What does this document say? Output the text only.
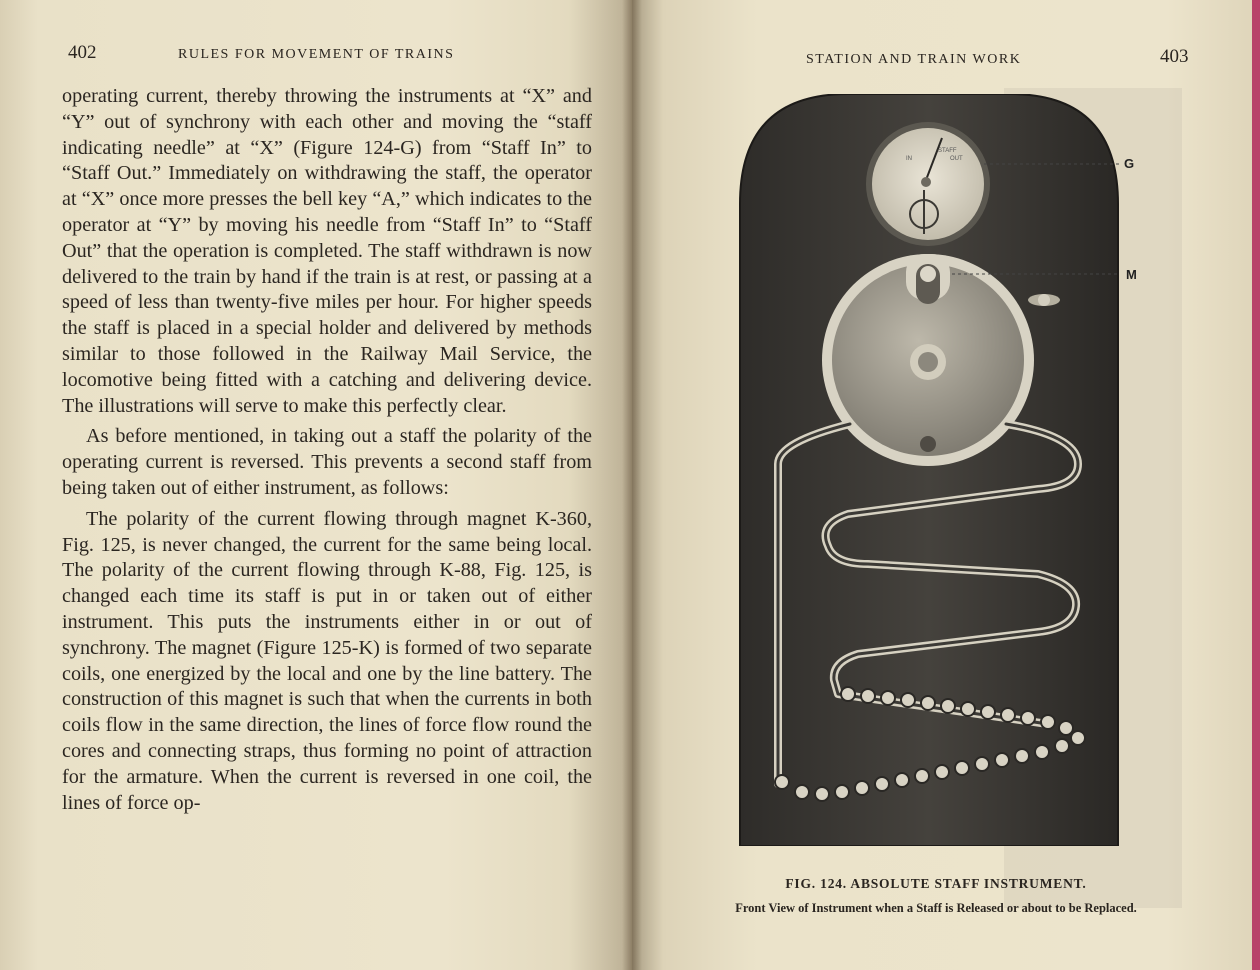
402	RULES FOR MOVEMENT OF TRAINS

operating current, thereby throwing the instruments at “X” and “Y” out of synchrony with each other and moving the “staff indicating needle” at “X” (Figure 124-G) from “Staff In” to “Staff Out.” Immediately on withdrawing the staff, the operator at “X” once more presses the bell key “A,” which indicates to the operator at “Y” by moving his needle from “Staff In” to “Staff Out” that the operation is completed. The staff withdrawn is now delivered to the train by hand if the train is at rest, or passing at a speed of less than twenty-five miles per hour. For higher speeds the staff is placed in a special holder and delivered by methods similar to those followed in the Railway Mail Service, the locomotive being fitted with a catching and delivering device. The illustrations will serve to make this perfectly clear.

As before mentioned, in taking out a staff the polarity of the operating current is reversed. This prevents a second staff from being taken out of either instrument, as follows:

The polarity of the current flowing through magnet K-360, Fig. 125, is never changed, the current for the same being local. The polarity of the current flowing through K-88, Fig. 125, is changed each time its staff is put in or taken out of either instrument. This puts the instruments either in or out of synchrony. The magnet (Figure 125-K) is formed of two separate coils, one energized by the local and one by the line battery. The construction of this magnet is such that when the currents in both coils flow in the same direction, the lines of force flow round the cores and connecting straps, thus forming no point of attraction for the armature. When the current is reversed in one coil, the lines of force op-

STATION AND TRAIN WORK	403
STAFF
IN	OUT	G
M
FIG. 124. ABSOLUTE STAFF INSTRUMENT.
Front View of Instrument when a Staff is Released or about to be Replaced.
